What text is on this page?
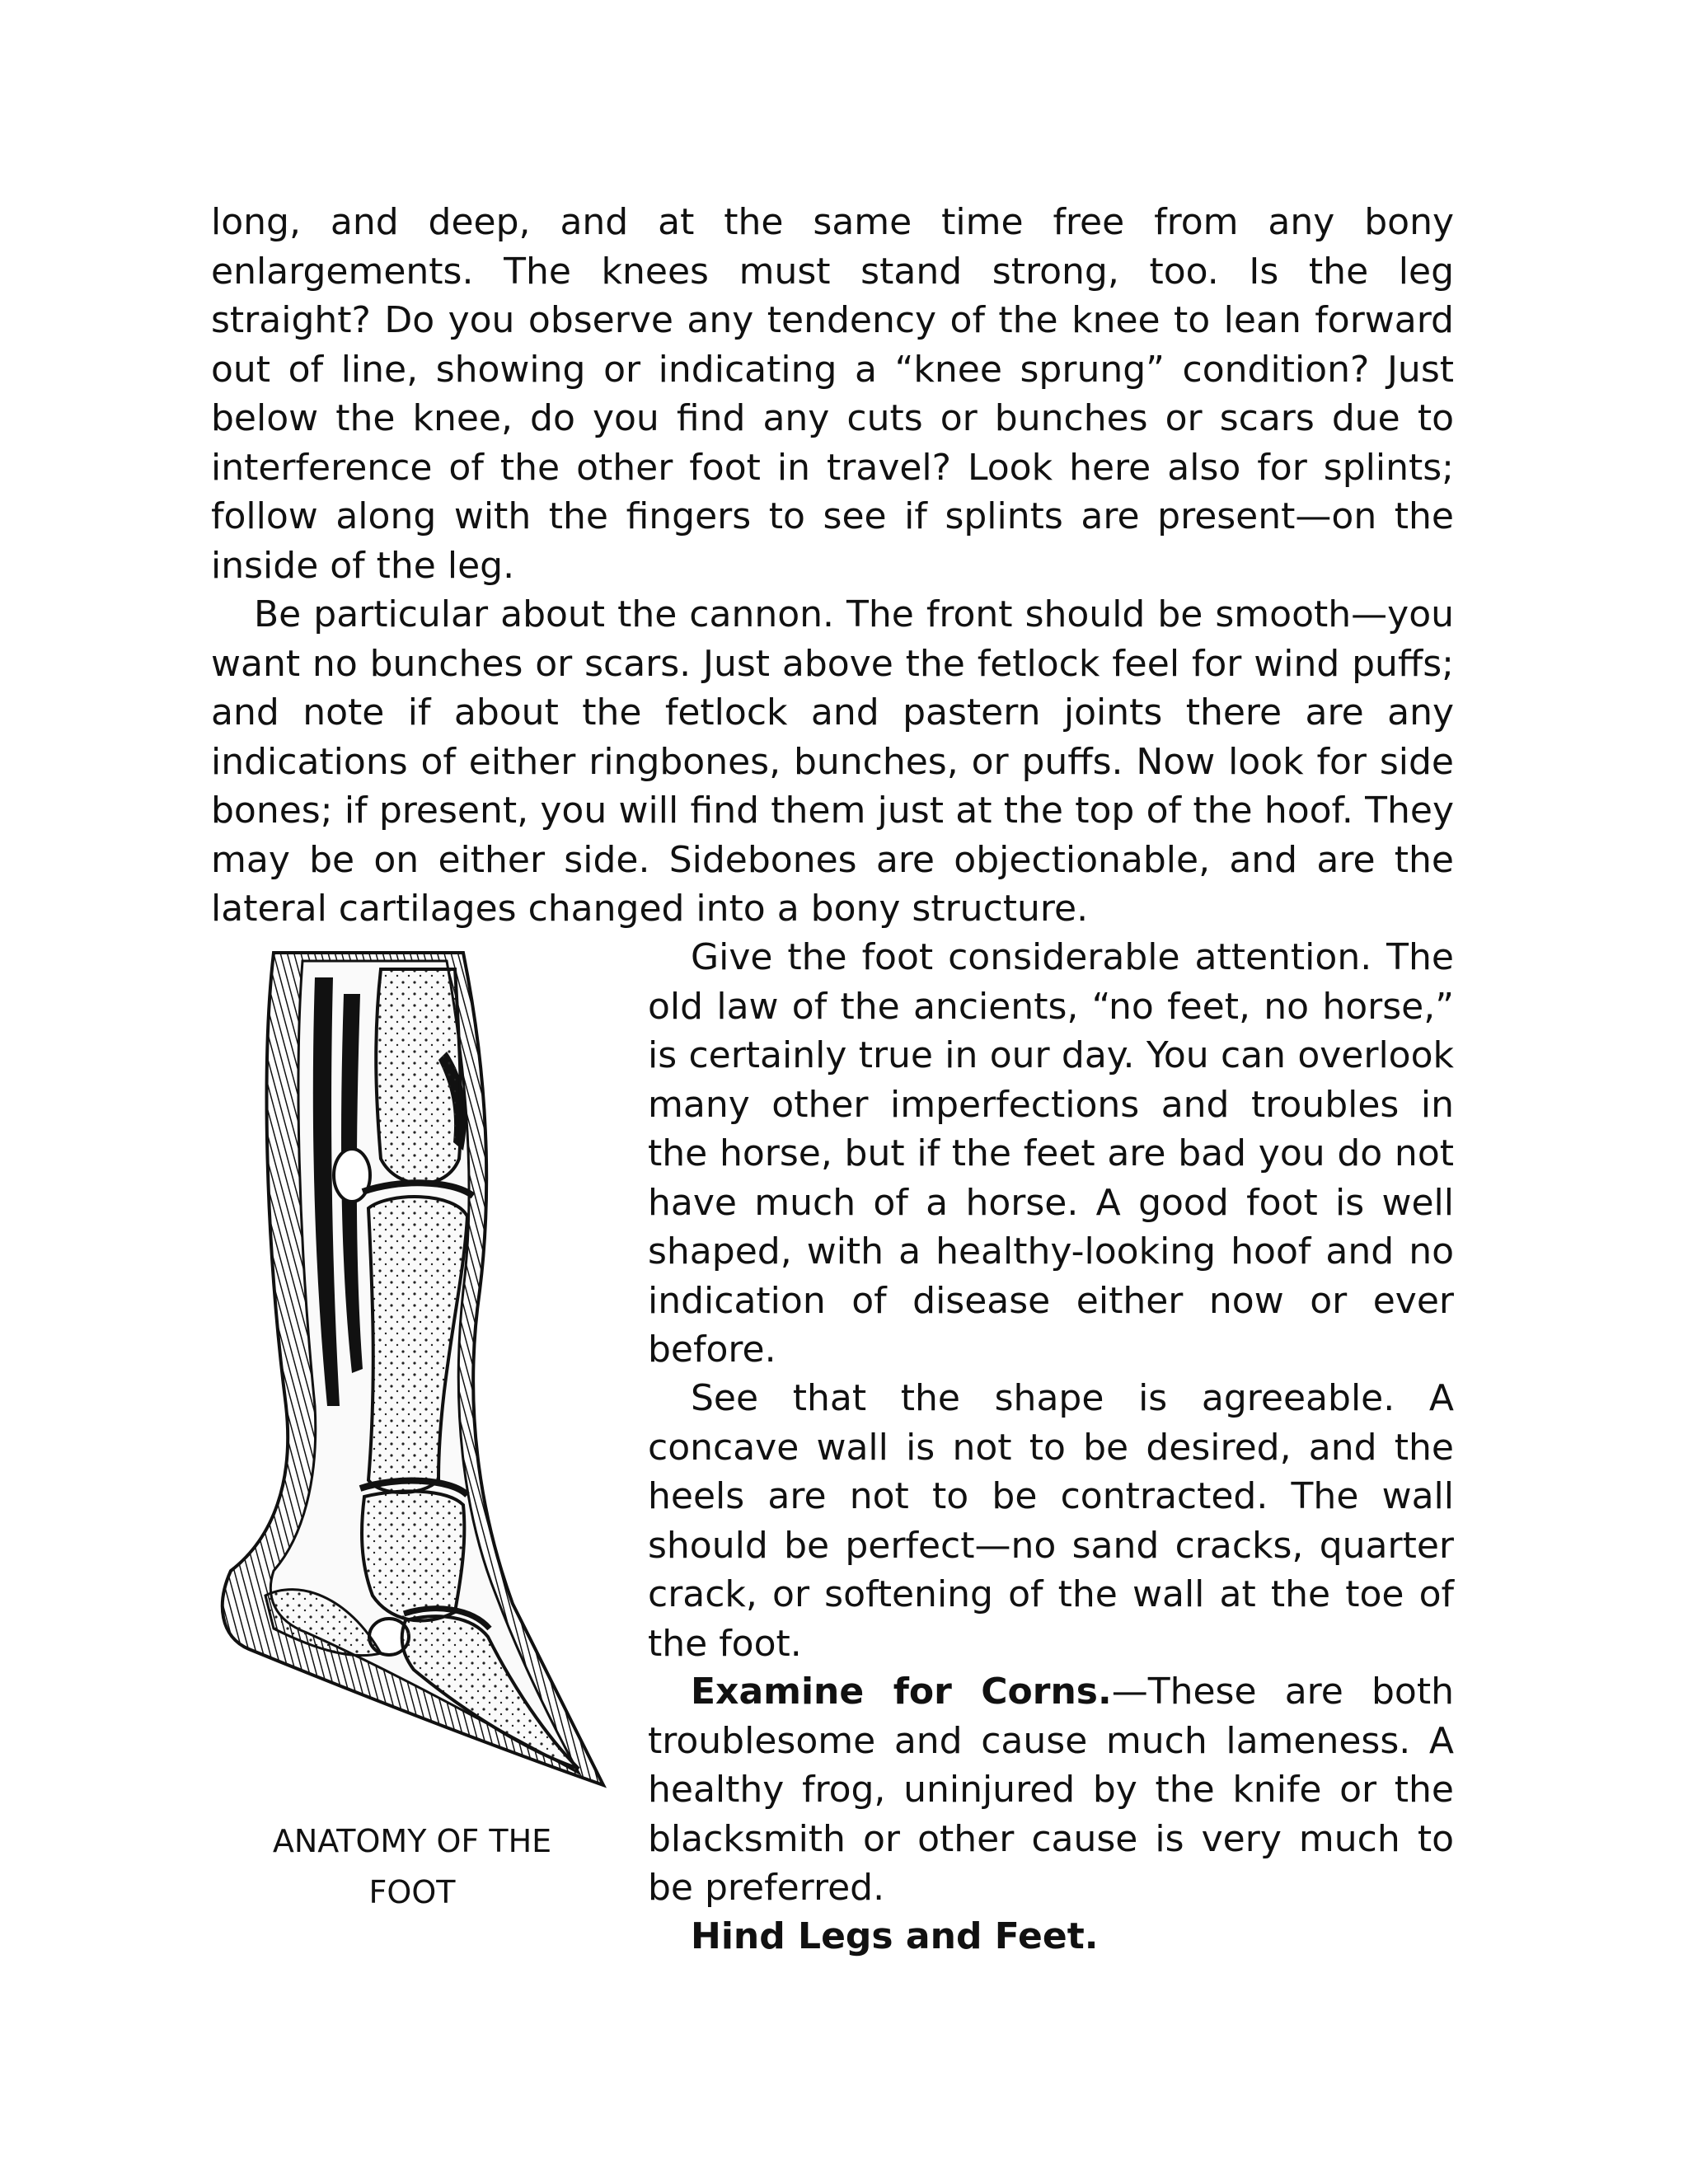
long, and deep, and at the same time free from any bony enlargements. The knees must stand strong, too. Is the leg straight? Do you observe any tendency of the knee to lean forward out of line, showing or indicating a “knee sprung” condition? Just below the knee, do you find any cuts or bunches or scars due to interference of the other foot in travel? Look here also for splints; follow along with the fingers to see if splints are present—on the inside of the leg.

Be particular about the cannon. The front should be smooth—you want no bunches or scars. Just above the fetlock feel for wind puffs; and note if about the fetlock and pastern joints there are any indications of either ringbones, bunches, or puffs. Now look for side bones; if present, you will find them just at the top of the hoof. They may be on either side. Sidebones are objectionable, and are the lateral cartilages changed into a bony structure.

ANATOMY OF THE
FOOT

Give the foot considerable attention. The old law of the ancients, “no feet, no horse,” is certainly true in our day. You can overlook many other imperfections and troubles in the horse, but if the feet are bad you do not have much of a horse. A good foot is well shaped, with a healthy-looking hoof and no indication of disease either now or ever before.

See that the shape is agreeable. A concave wall is not to be desired, and the heels are not to be contracted. The wall should be perfect—no sand cracks, quarter crack, or softening of the wall at the toe of the foot.

Examine for Corns.—These are both troublesome and cause much lameness. A healthy frog, uninjured by the knife or the blacksmith or other cause is very much to be preferred.

Hind Legs and Feet.
